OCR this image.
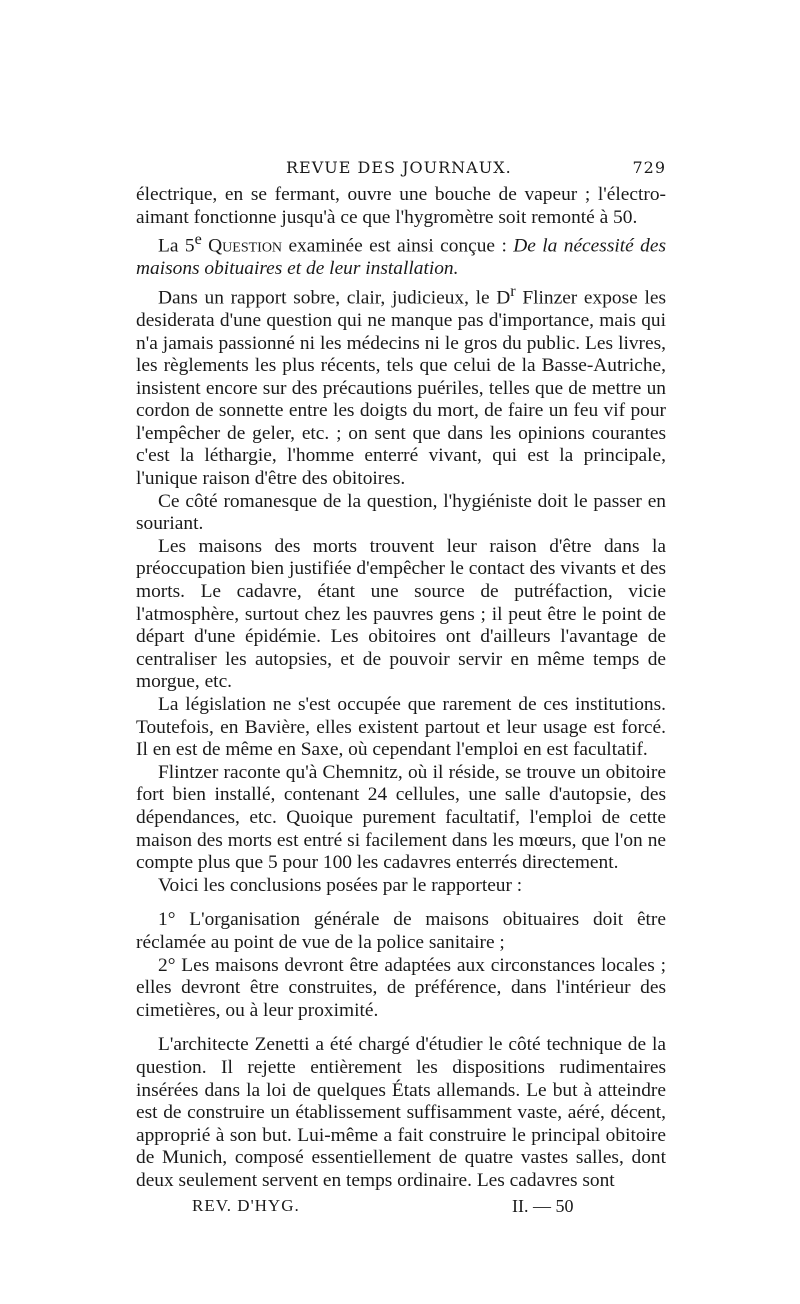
REVUE DES JOURNAUX.	729

électrique, en se fermant, ouvre une bouche de vapeur ; l'électro-aimant fonctionne jusqu'à ce que l'hygromètre soit remonté à 50.

La 5e Question examinée est ainsi conçue : De la nécessité des maisons obituaires et de leur installation.

Dans un rapport sobre, clair, judicieux, le $D^r$ Flinzer expose les desiderata d'une question qui ne manque pas d'importance, mais qui n'a jamais passionné ni les médecins ni le gros du public. Les livres, les règlements les plus récents, tels que celui de la Basse-Autriche, insistent encore sur des précautions puériles, telles que de mettre un cordon de sonnette entre les doigts du mort, de faire un feu vif pour l'empêcher de geler, etc. ; on sent que dans les opinions courantes c'est la léthargie, l'homme enterré vivant, qui est la principale, l'unique raison d'être des obitoires.

Ce côté romanesque de la question, l'hygiéniste doit le passer en souriant.

Les maisons des morts trouvent leur raison d'être dans la préoccupation bien justifiée d'empêcher le contact des vivants et des morts. Le cadavre, étant une source de putréfaction, vicie l'atmosphère, surtout chez les pauvres gens ; il peut être le point de départ d'une épidémie. Les obitoires ont d'ailleurs l'avantage de centraliser les autopsies, et de pouvoir servir en même temps de morgue, etc.

La législation ne s'est occupée que rarement de ces institutions. Toutefois, en Bavière, elles existent partout et leur usage est forcé. Il en est de même en Saxe, où cependant l'emploi en est facultatif.

Flintzer raconte qu'à Chemnitz, où il réside, se trouve un obitoire fort bien installé, contenant 24 cellules, une salle d'autopsie, des dépendances, etc. Quoique purement facultatif, l'emploi de cette maison des morts est entré si facilement dans les mœurs, que l'on ne compte plus que 5 pour 100 les cadavres enterrés directement.

Voici les conclusions posées par le rapporteur :

1° L'organisation générale de maisons obituaires doit être réclamée au point de vue de la police sanitaire ;

2° Les maisons devront être adaptées aux circonstances locales ; elles devront être construites, de préférence, dans l'intérieur des cimetières, ou à leur proximité.

L'architecte Zenetti a été chargé d'étudier le côté technique de la question. Il rejette entièrement les dispositions rudimentaires insérées dans la loi de quelques États allemands. Le but à atteindre est de construire un établissement suffisamment vaste, aéré, décent, approprié à son but. Lui-même a fait construire le principal obitoire de Munich, composé essentiellement de quatre vastes salles, dont deux seulement servent en temps ordinaire. Les cadavres sont

REV. D'HYG.	II. — 50
